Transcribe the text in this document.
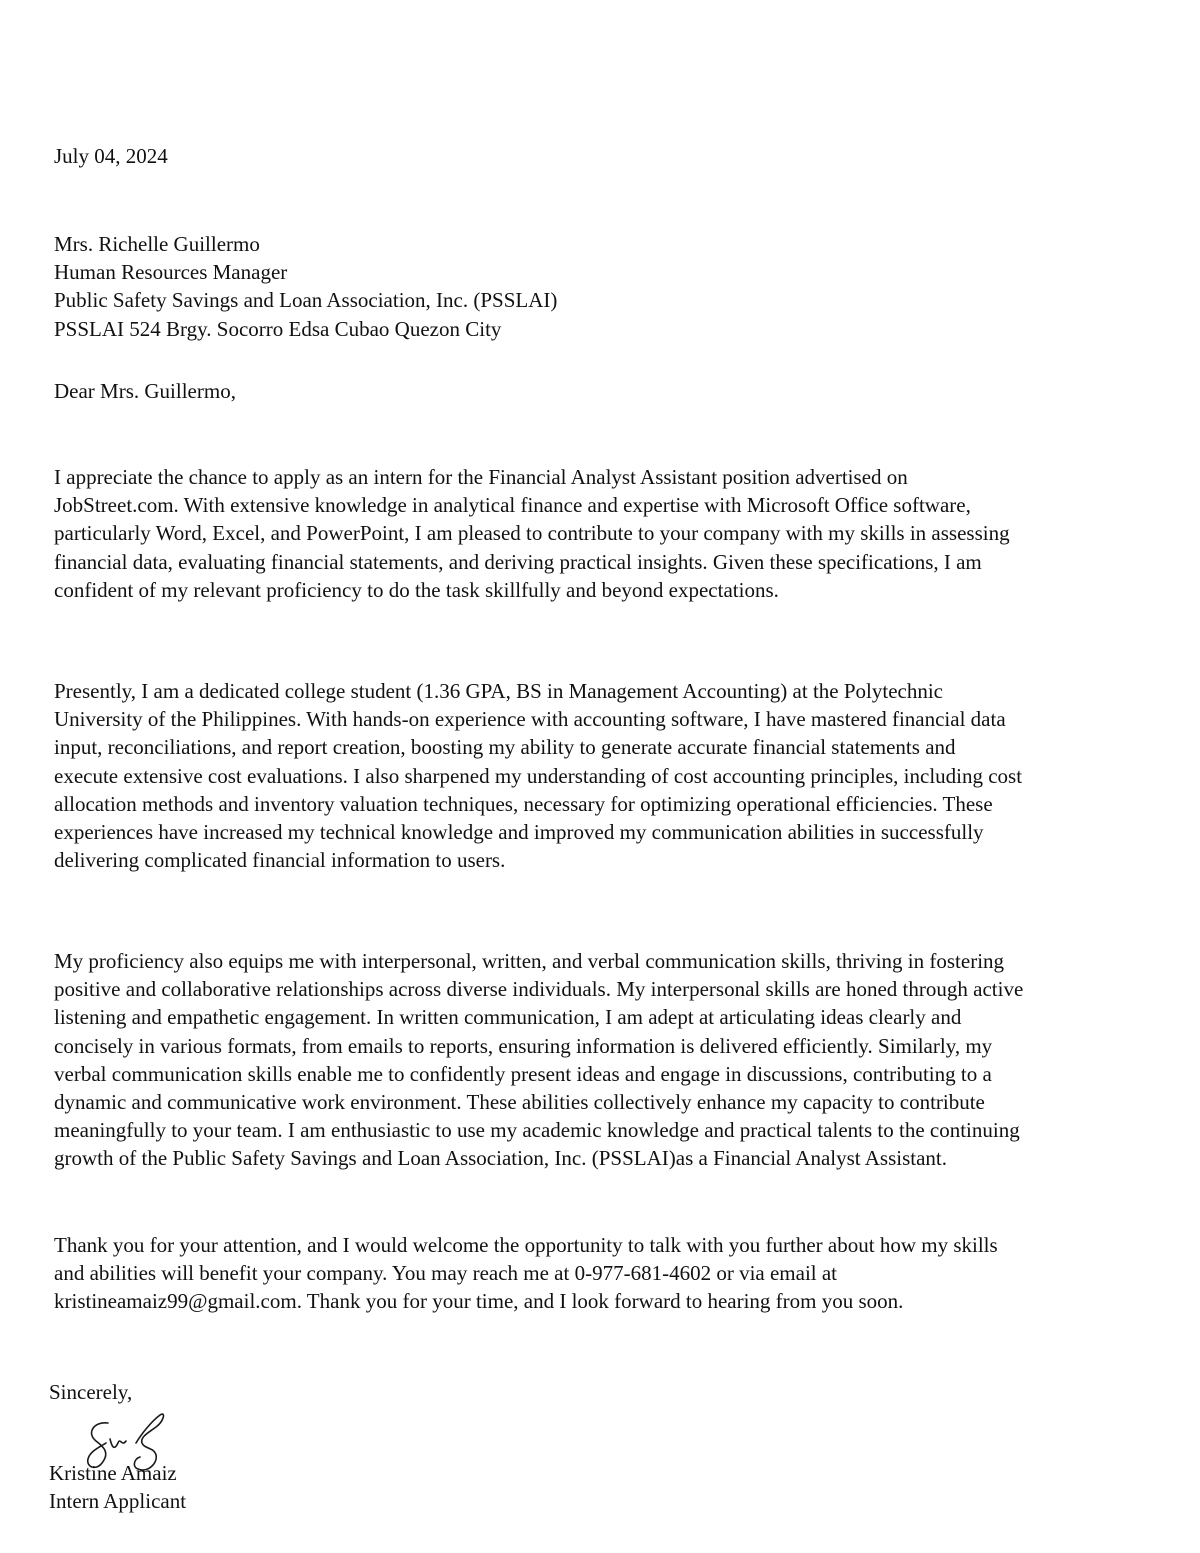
July 04, 2024
Mrs. Richelle Guillermo
Human Resources Manager
Public Safety Savings and Loan Association, Inc. (PSSLAI)
PSSLAI 524 Brgy. Socorro Edsa Cubao Quezon City
Dear Mrs. Guillermo,
I appreciate the chance to apply as an intern for the Financial Analyst Assistant position advertised on
JobStreet.com. With extensive knowledge in analytical finance and expertise with Microsoft Office software,
particularly Word, Excel, and PowerPoint, I am pleased to contribute to your company with my skills in assessing
financial data, evaluating financial statements, and deriving practical insights. Given these specifications, I am
confident of my relevant proficiency to do the task skillfully and beyond expectations.
Presently, I am a dedicated college student (1.36 GPA, BS in Management Accounting) at the Polytechnic
University of the Philippines. With hands-on experience with accounting software, I have mastered financial data
input, reconciliations, and report creation, boosting my ability to generate accurate financial statements and
execute extensive cost evaluations. I also sharpened my understanding of cost accounting principles, including cost
allocation methods and inventory valuation techniques, necessary for optimizing operational efficiencies. These
experiences have increased my technical knowledge and improved my communication abilities in successfully
delivering complicated financial information to users.
My proficiency also equips me with interpersonal, written, and verbal communication skills, thriving in fostering
positive and collaborative relationships across diverse individuals. My interpersonal skills are honed through active
listening and empathetic engagement. In written communication, I am adept at articulating ideas clearly and
concisely in various formats, from emails to reports, ensuring information is delivered efficiently. Similarly, my
verbal communication skills enable me to confidently present ideas and engage in discussions, contributing to a
dynamic and communicative work environment. These abilities collectively enhance my capacity to contribute
meaningfully to your team. I am enthusiastic to use my academic knowledge and practical talents to the continuing
growth of the Public Safety Savings and Loan Association, Inc. (PSSLAI)as a Financial Analyst Assistant.
Thank you for your attention, and I would welcome the opportunity to talk with you further about how my skills
and abilities will benefit your company. You may reach me at 0-977-681-4602 or via email at
kristineamaiz99@gmail.com. Thank you for your time, and I look forward to hearing from you soon.
Sincerely,
Kristine Amaiz
Intern Applicant
